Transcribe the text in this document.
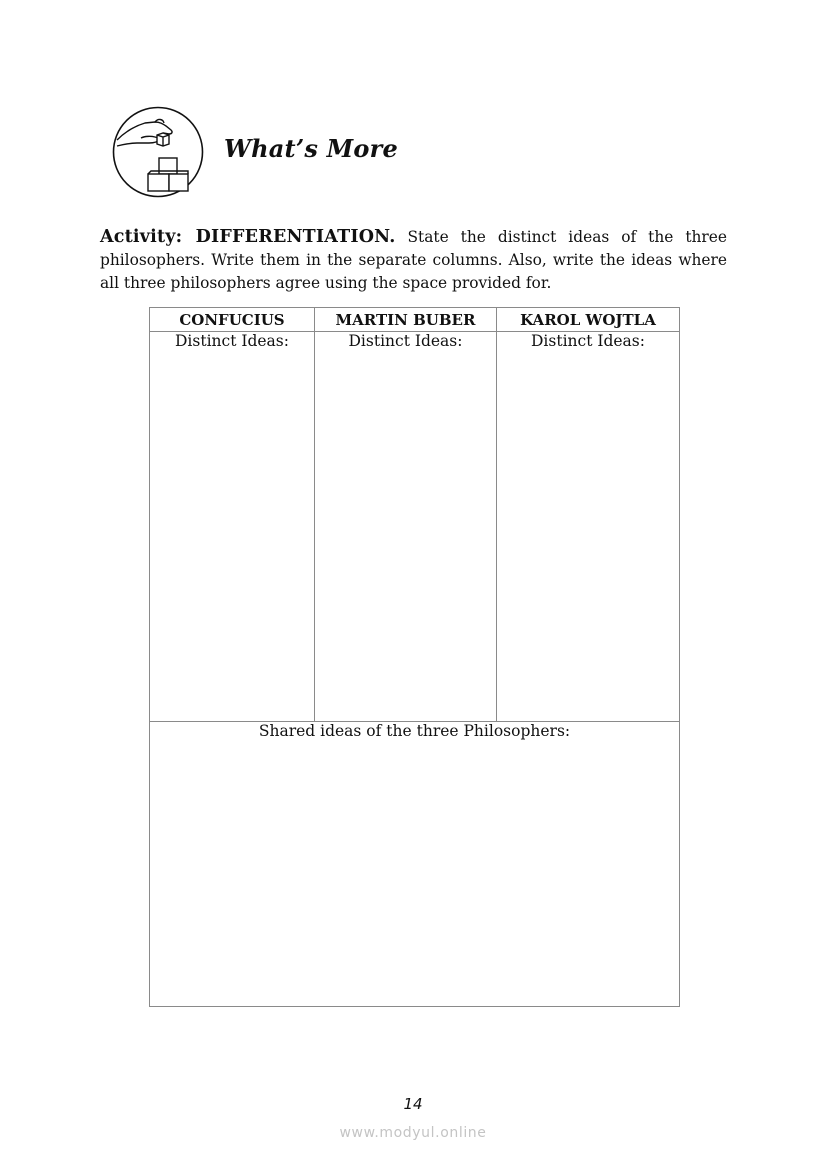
What’s More

Activity: DIFFERENTIATION. State the distinct ideas of the three philosophers. Write them in the separate columns. Also, write the ideas where all three philosophers agree using the space provided for.

CONFUCIUS	MARTIN BUBER	KAROL WOJTLA
Distinct Ideas:	Distinct Ideas:	Distinct Ideas:
Shared ideas of the three Philosophers:		

14

www.modyul.online
